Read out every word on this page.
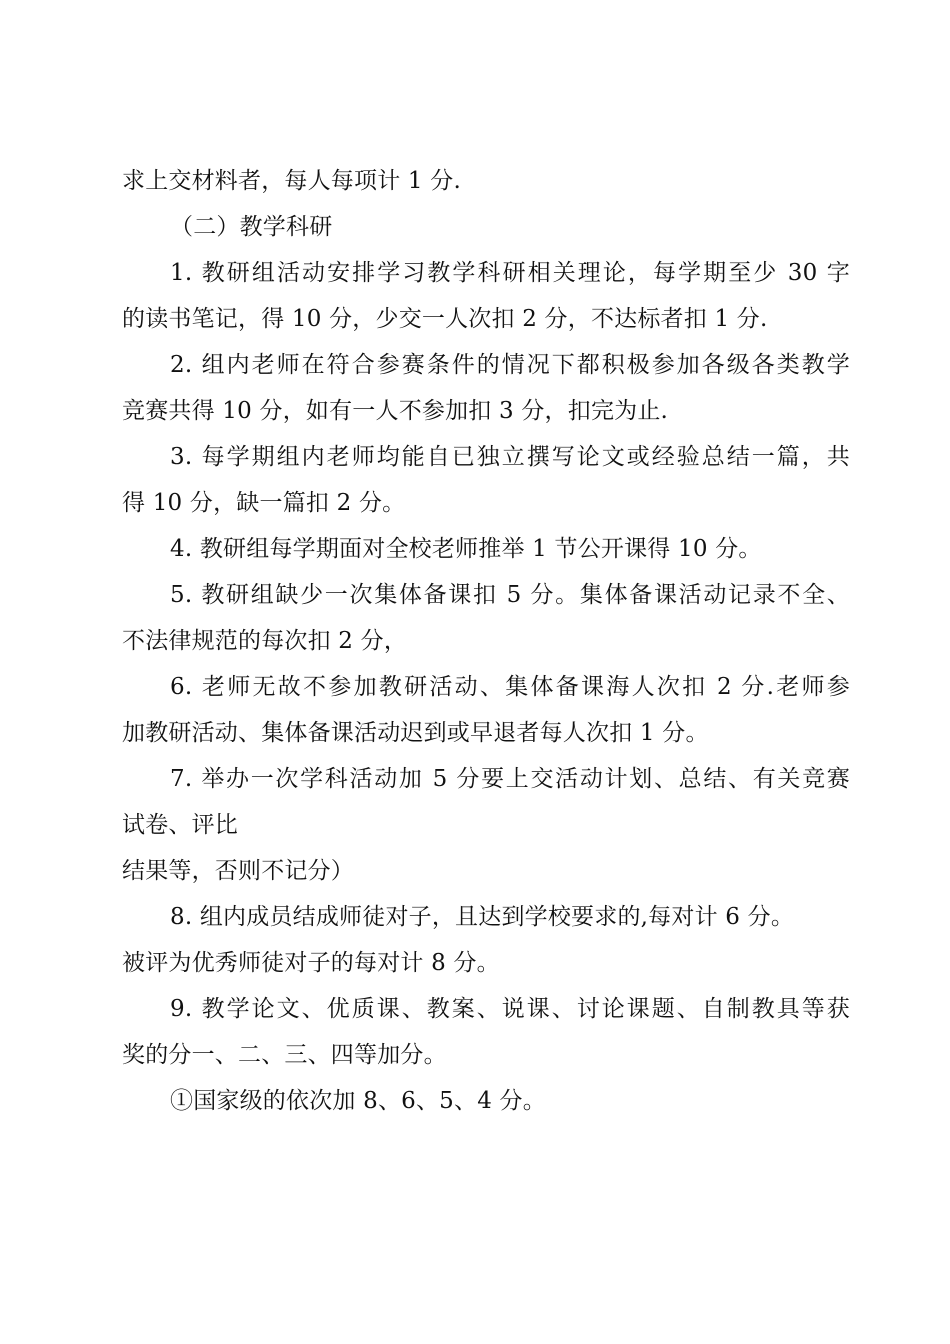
求上交材料者，每人每项计 1 分.
（二）教学科研
1. 教研组活动安排学习教学科研相关理论，每学期至少 30 字
的读书笔记，得 10 分，少交一人次扣 2 分，不达标者扣 1 分.
2. 组内老师在符合参赛条件的情况下都积极参加各级各类教学
竞赛共得 10 分，如有一人不参加扣 3 分，扣完为止.
3. 每学期组内老师均能自已独立撰写论文或经验总结一篇，共
得 10 分，缺一篇扣 2 分。
4. 教研组每学期面对全校老师推举 1 节公开课得 10 分。
5. 教研组缺少一次集体备课扣 5 分。集体备课活动记录不全、
不法律规范的每次扣 2 分，
6. 老师无故不参加教研活动、集体备课海人次扣 2 分.老师参
加教研活动、集体备课活动迟到或早退者每人次扣 1 分。
7. 举办一次学科活动加 5 分要上交活动计划、总结、有关竞赛
试卷、评比
结果等，否则不记分）
8. 组内成员结成师徒对子，且达到学校要求的,每对计 6 分。
被评为优秀师徒对子的每对计 8 分。
9. 教学论文、优质课、教案、说课、讨论课题、自制教具等获
奖的分一、二、三、四等加分。
①国家级的依次加 8、6、5、4 分。
